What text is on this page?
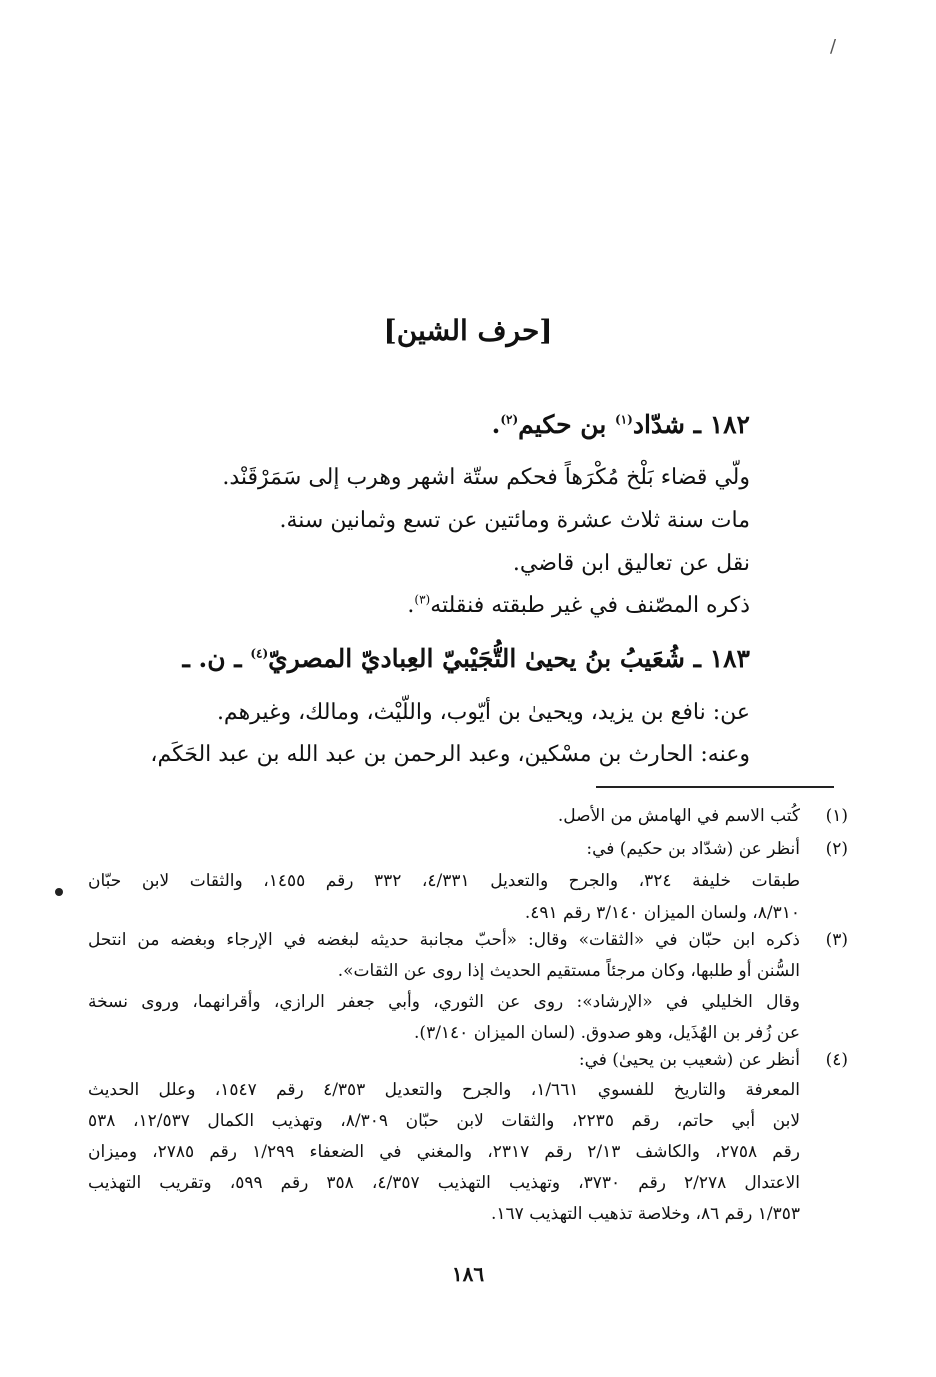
/
[حرف الشين]
١٨٢ ـ شدّاد$^{(١)}$ بن حكيم$^{(٢)}$.
ولّي قضاء بَلْخ مُكْرَهاً فحكم ستّة اشهر وهرب إلى سَمَرْقَنْد.
مات سنة ثلاث عشرة ومائتين عن تسع وثمانين سنة.
نقل عن تعاليق ابن قاضي.
ذكره المصّنف في غير طبقته فنقلته$^{(٣)}$.
١٨٣ ـ شُعَيبُ بنُ يحيىٰ التُّجَيْبيّ العِباديّ المصريّ$^{(٤)}$ ـ ن. ـ
عن: نافع بن يزيد، ويحيىٰ بن أيّوب، واللّيْث، ومالك، وغيرهم.
وعنه: الحارث بن مسْكين، وعبد الرحمن بن عبد الله بن عبد الحَكَم،
(١)
كُتب الاسم في الهامش من الأصل.
(٢)
أنظر عن (شدّاد بن حكيم) في:
طبقات خليفة ٣٢٤، والجرح والتعديل ٤/٣٣١، ٣٣٢ رقم ١٤٥٥، والثقات لابن حبّان
٨/٣١٠، ولسان الميزان ٣/١٤٠ رقم ٤٩١.
(٣)
ذكره ابن حبّان في «الثقات» وقال: «أحبّ مجانبة حديثه لبغضه في الإرجاء وبغضه من انتحل
السُّنن أو طلبها، وكان مرجئاً مستقيم الحديث إذا روى عن الثقات».
وقال الخليلي في «الإرشاد»: روى عن الثوري، وأبي جعفر الرازي، وأقرانهما، وروى نسخة
عن زُفر بن الهُذَيل، وهو صدوق. (لسان الميزان ٣/١٤٠).
(٤)
أنظر عن (شعيب بن يحيىٰ) في:
المعرفة والتاريخ للفسوي ١/٦٦١، والجرح والتعديل ٤/٣٥٣ رقم ١٥٤٧، وعلل الحديث
لابن أبي حاتم، رقم ٢٢٣٥، والثقات لابن حبّان ٨/٣٠٩، وتهذيب الكمال ١٢/٥٣٧، ٥٣٨
رقم ٢٧٥٨، والكاشف ٢/١٣ رقم ٢٣١٧، والمغني في الضعفاء ١/٢٩٩ رقم ٢٧٨٥، وميزان
الاعتدال ٢/٢٧٨ رقم ٣٧٣٠، وتهذيب التهذيب ٤/٣٥٧، ٣٥٨ رقم ٥٩٩، وتقريب التهذيب
١/٣٥٣ رقم ٨٦، وخلاصة تذهيب التهذيب ١٦٧.
١٨٦
